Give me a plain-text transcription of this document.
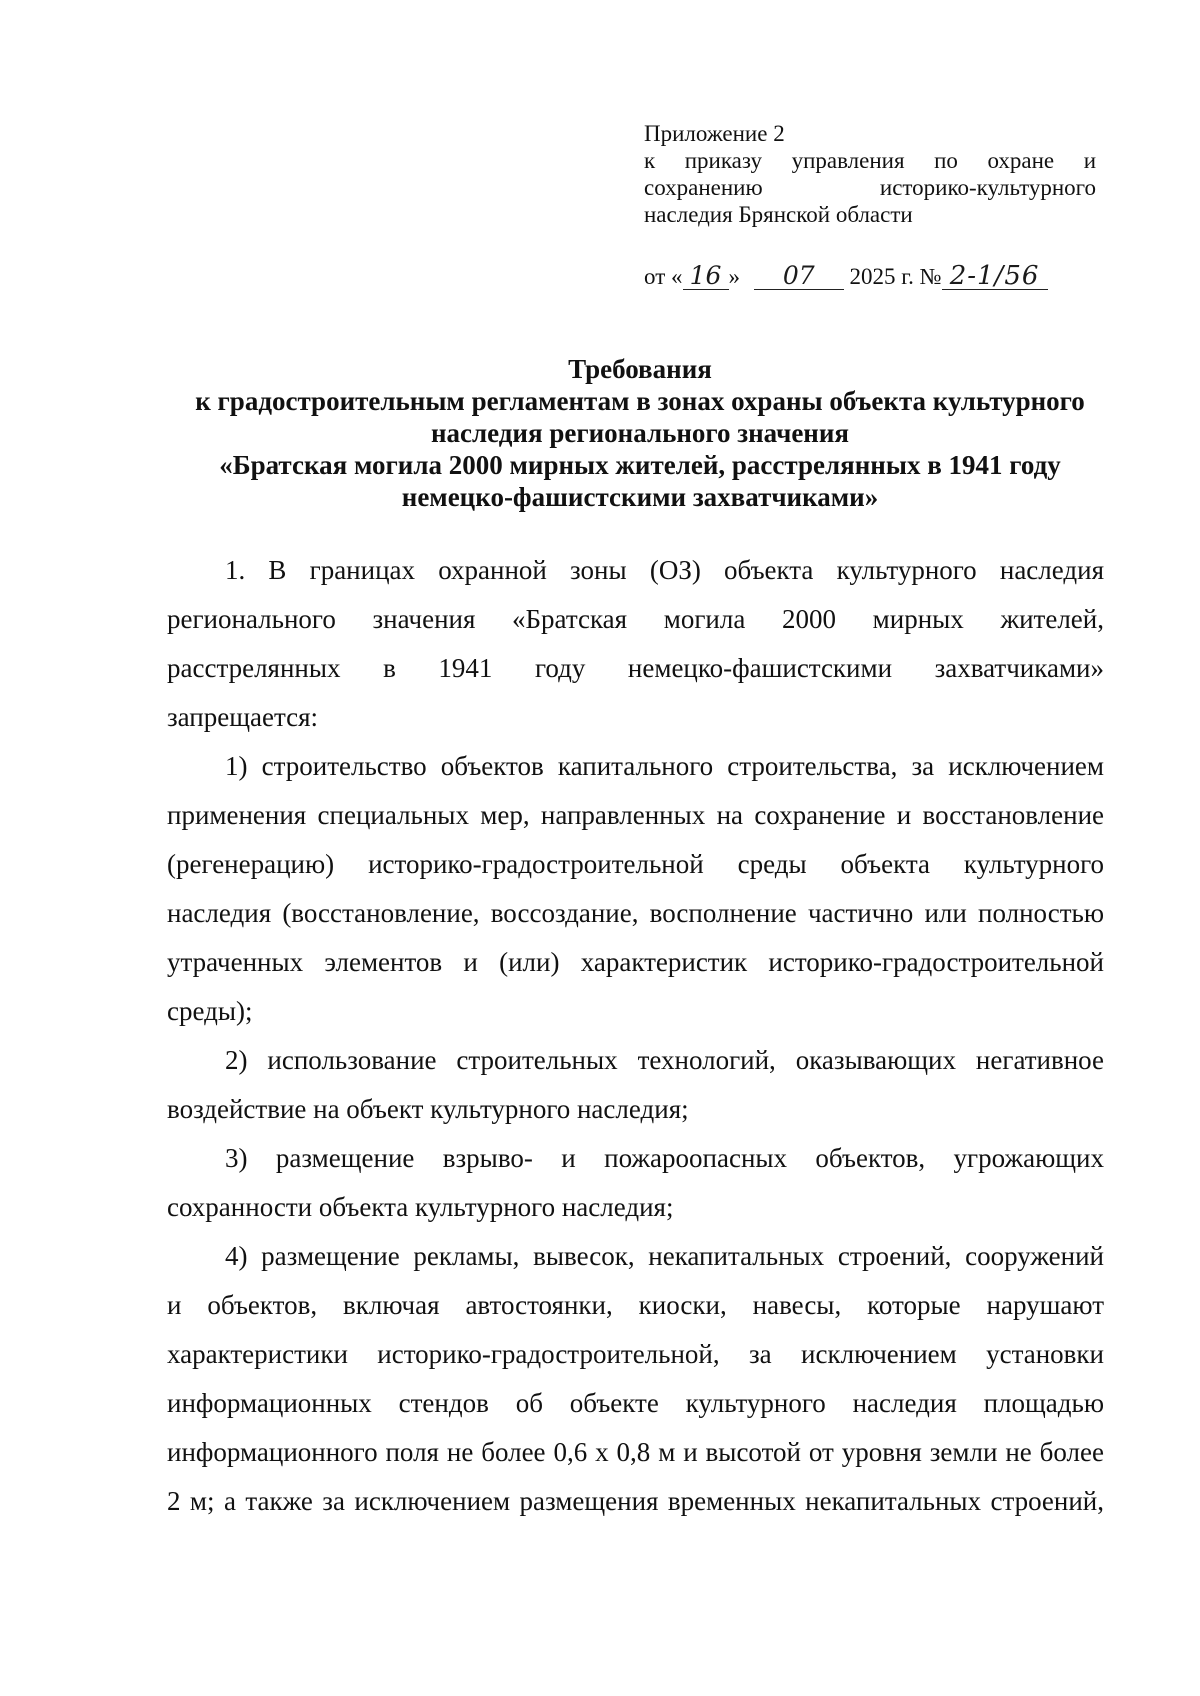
Приложение 2
к приказу управления по охране и
сохранению историко-культурного
наследия Брянской области
от « 16 » 07 2025 г. № 2-1/56
Требования
к градостроительным регламентам в зонах охраны объекта культурного
наследия регионального значения
«Братская могила 2000 мирных жителей, расстрелянных в 1941 году
немецко-фашистскими захватчиками»
1. В границах охранной зоны (ОЗ) объекта культурного наследия
регионального значения «Братская могила 2000 мирных жителей,
расстрелянных в 1941 году немецко-фашистскими захватчиками»
запрещается:
1) строительство объектов капитального строительства, за исключением
применения специальных мер, направленных на сохранение и восстановление
(регенерацию) историко-градостроительной среды объекта культурного
наследия (восстановление, воссоздание, восполнение частично или полностью
утраченных элементов и (или) характеристик историко-градостроительной
среды);
2) использование строительных технологий, оказывающих негативное
воздействие на объект культурного наследия;
3) размещение взрыво- и пожароопасных объектов, угрожающих
сохранности объекта культурного наследия;
4) размещение рекламы, вывесок, некапитальных строений, сооружений
и объектов, включая автостоянки, киоски, навесы, которые нарушают
характеристики историко-градостроительной, за исключением установки
информационных стендов об объекте культурного наследия площадью
информационного поля не более 0,6 х 0,8 м и высотой от уровня земли не более
2 м; а также за исключением размещения временных некапитальных строений,
